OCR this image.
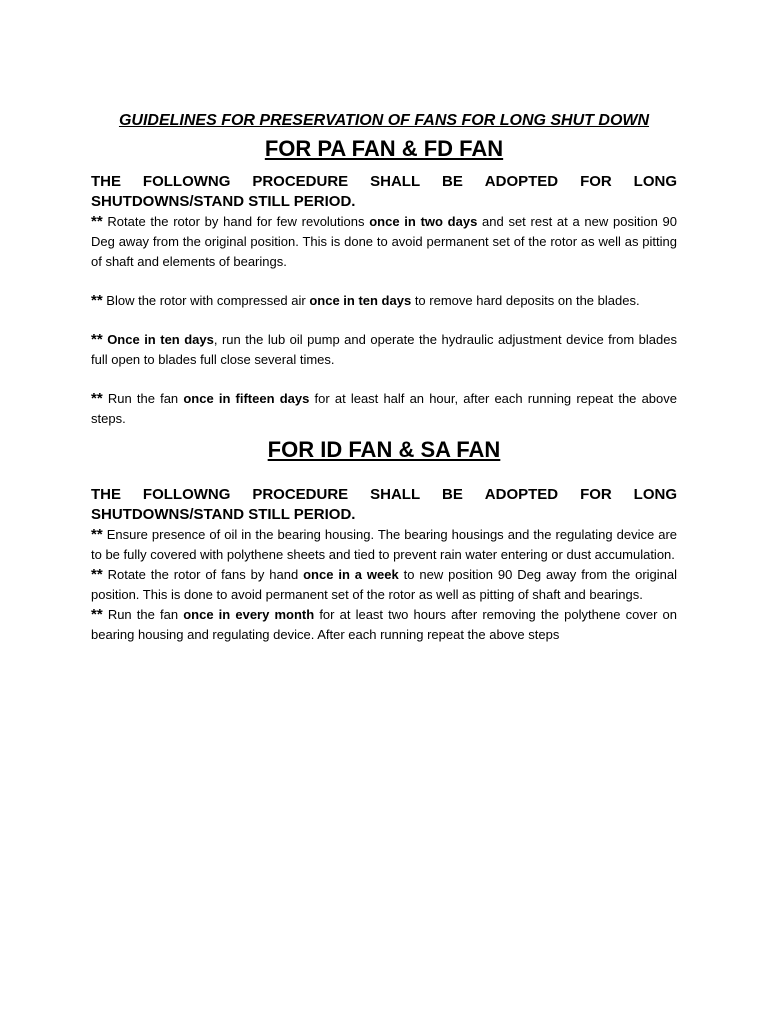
GUIDELINES FOR PRESERVATION OF FANS FOR LONG SHUT DOWN

FOR PA FAN & FD FAN
THE FOLLOWNG PROCEDURE SHALL BE ADOPTED FOR LONG
SHUTDOWNS/STAND STILL PERIOD.

** Rotate the rotor by hand for few revolutions once in two days and set rest at a new position 90 Deg away from the original position. This is done to avoid permanent set of the rotor as well as pitting of shaft and elements of bearings.

** Blow the rotor with compressed air once in ten days to remove hard deposits on the blades.

** Once in ten days, run the lub oil pump and operate the hydraulic adjustment device from blades full open to blades full close several times.

** Run the fan once in fifteen days for at least half an hour, after each running repeat the above steps.

FOR ID FAN & SA FAN
THE FOLLOWNG PROCEDURE SHALL BE ADOPTED FOR LONG
SHUTDOWNS/STAND STILL PERIOD.

** Ensure presence of oil in the bearing housing. The bearing housings and the regulating device are to be fully covered with polythene sheets and tied to prevent rain water entering or dust accumulation.

** Rotate the rotor of fans by hand once in a week to new position 90 Deg away from the original position. This is done to avoid permanent set of the rotor as well as pitting of shaft and bearings.

** Run the fan once in every month for at least two hours after removing the polythene cover on bearing housing and regulating device. After each running repeat the above steps
